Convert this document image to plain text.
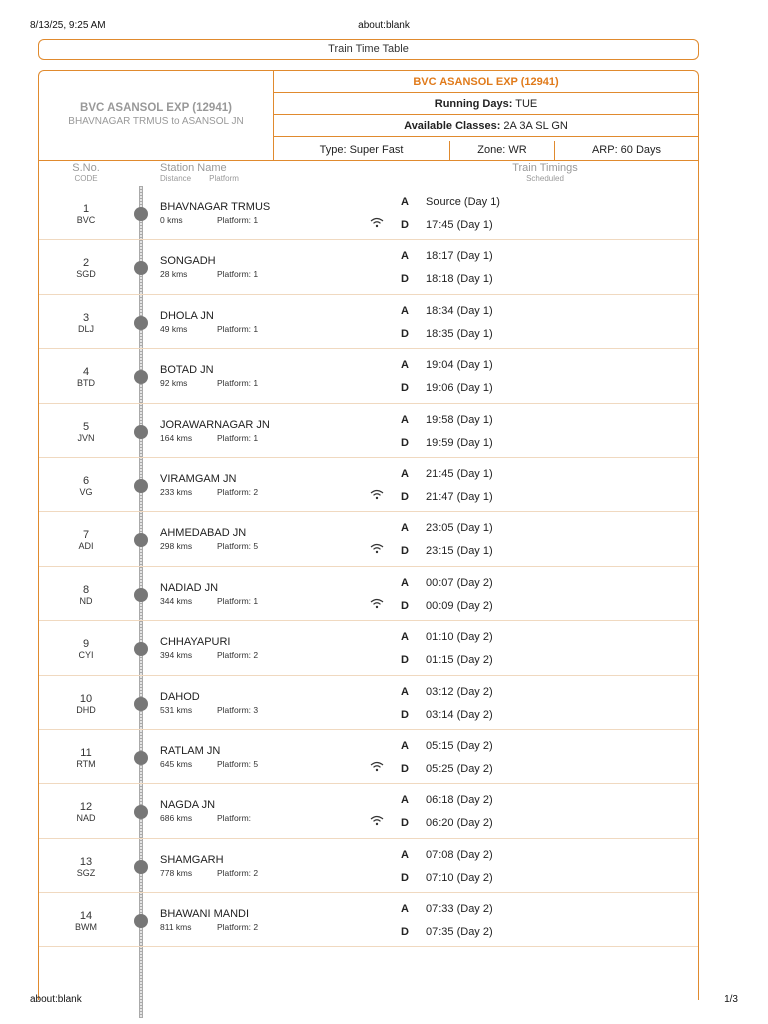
8/13/25, 9:25 AM	about:blank
Train Time Table
BVC ASANSOL EXP (12941)
BHAVNAGAR TRMUS to ASANSOL JN
BVC ASANSOL EXP (12941)
Running Days: TUE
Available Classes: 2A 3A SL GN
Type: Super Fast	Zone: WR	ARP: 60 Days
S.No.
CODE
Station Name
Distance Platform
Train Timings
Scheduled
1
BVC
BHAVNAGAR TRMUS
0 kms	Platform: 1
A Source (Day 1)
D 17:45 (Day 1)
2
SGD
SONGADH
28 kms	Platform: 1
A 18:17 (Day 1)
D 18:18 (Day 1)
3
DLJ
DHOLA JN
49 kms	Platform: 1
A 18:34 (Day 1)
D 18:35 (Day 1)
4
BTD
BOTAD JN
92 kms	Platform: 1
A 19:04 (Day 1)
D 19:06 (Day 1)
5
JVN
JORAWARNAGAR JN
164 kms	Platform: 1
A 19:58 (Day 1)
D 19:59 (Day 1)
6
VG
VIRAMGAM JN
233 kms	Platform: 2
A 21:45 (Day 1)
D 21:47 (Day 1)
7
ADI
AHMEDABAD JN
298 kms	Platform: 5
A 23:05 (Day 1)
D 23:15 (Day 1)
8
ND
NADIAD JN
344 kms	Platform: 1
A 00:07 (Day 2)
D 00:09 (Day 2)
9
CYI
CHHAYAPURI
394 kms	Platform: 2
A 01:10 (Day 2)
D 01:15 (Day 2)
10
DHD
DAHOD
531 kms	Platform: 3
A 03:12 (Day 2)
D 03:14 (Day 2)
11
RTM
RATLAM JN
645 kms	Platform: 5
A 05:15 (Day 2)
D 05:25 (Day 2)
12
NAD
NAGDA JN
686 kms	Platform:
A 06:18 (Day 2)
D 06:20 (Day 2)
13
SGZ
SHAMGARH
778 kms	Platform: 2
A 07:08 (Day 2)
D 07:10 (Day 2)
14
BWM
BHAWANI MANDI
811 kms	Platform: 2
A 07:33 (Day 2)
D 07:35 (Day 2)
about:blank	1/3
